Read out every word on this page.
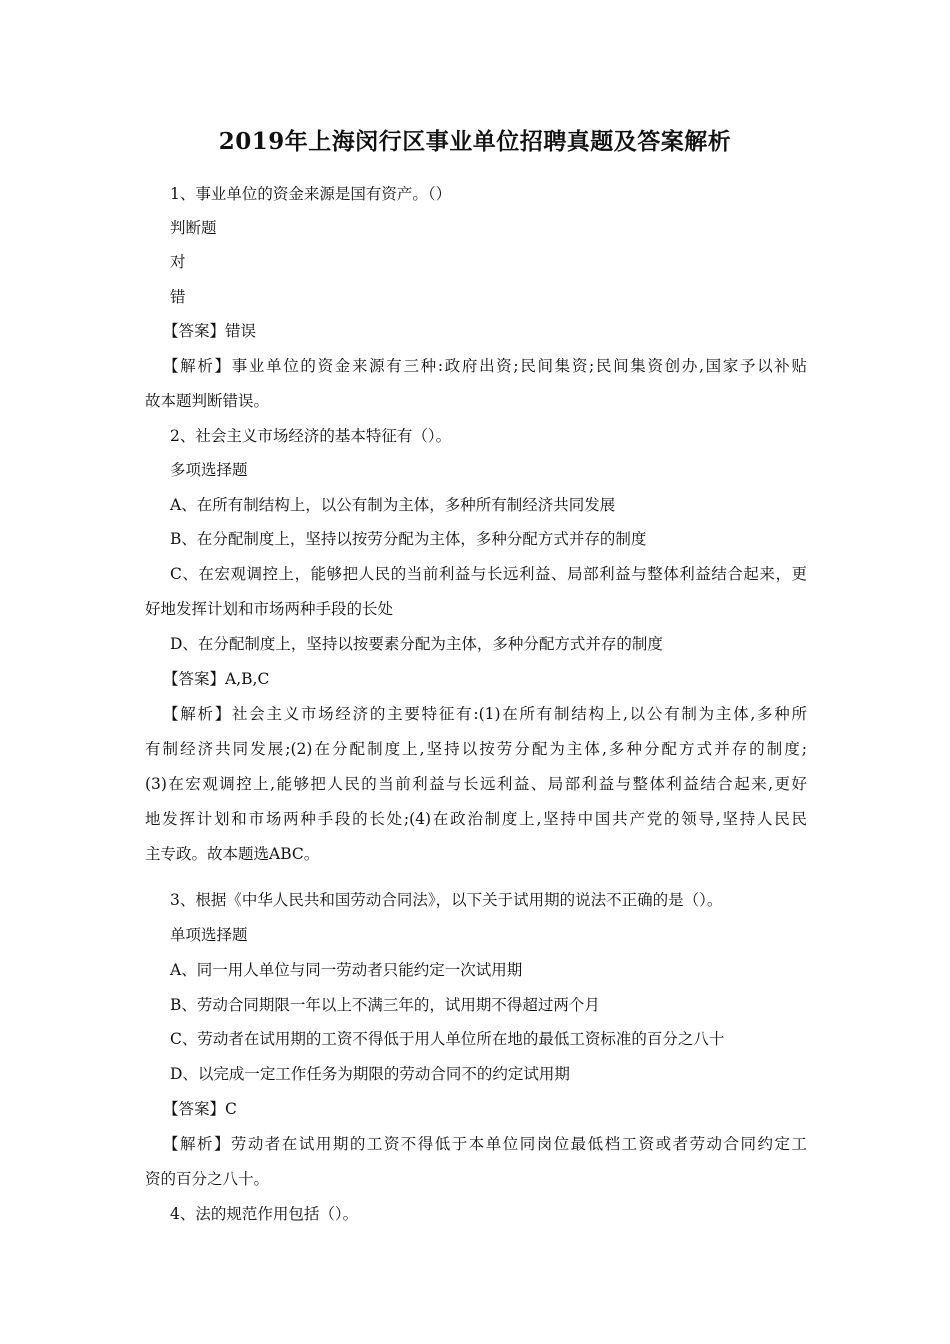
2019年上海闵行区事业单位招聘真题及答案解析
1、事业单位的资金来源是国有资产。（）
判断题
对
错
【答案】错误
【解析】事业单位的资金来源有三种:政府出资;民间集资;民间集资创办,国家予以补贴
故本题判断错误。
2、社会主义市场经济的基本特征有（）。
多项选择题
A、在所有制结构上，以公有制为主体，多种所有制经济共同发展
B、在分配制度上，坚持以按劳分配为主体，多种分配方式并存的制度
C、在宏观调控上，能够把人民的当前利益与长远利益、局部利益与整体利益结合起来，更
好地发挥计划和市场两种手段的长处
D、在分配制度上，坚持以按要素分配为主体，多种分配方式并存的制度
【答案】A,B,C
【解析】社会主义市场经济的主要特征有:(1)在所有制结构上,以公有制为主体,多种所
有制经济共同发展;(2)在分配制度上,坚持以按劳分配为主体,多种分配方式并存的制度;
(3)在宏观调控上,能够把人民的当前利益与长远利益、局部利益与整体利益结合起来,更好
地发挥计划和市场两种手段的长处;(4)在政治制度上,坚持中国共产党的领导,坚持人民民
主专政。故本题选ABC。
3、根据《中华人民共和国劳动合同法》，以下关于试用期的说法不正确的是（）。
单项选择题
A、同一用人单位与同一劳动者只能约定一次试用期
B、劳动合同期限一年以上不满三年的，试用期不得超过两个月
C、劳动者在试用期的工资不得低于用人单位所在地的最低工资标准的百分之八十
D、以完成一定工作任务为期限的劳动合同不的约定试用期
【答案】C
【解析】劳动者在试用期的工资不得低于本单位同岗位最低档工资或者劳动合同约定工
资的百分之八十。
4、法的规范作用包括（）。
